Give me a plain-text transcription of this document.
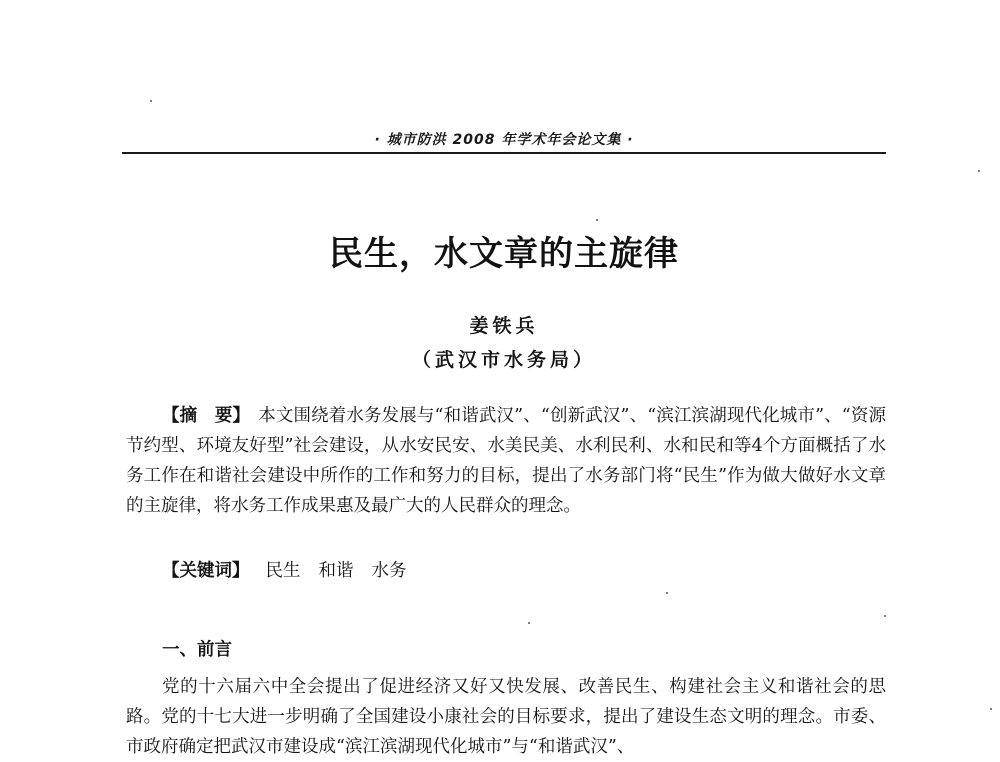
· 城市防洪 2008 年学术年会论文集 ·
民生，水文章的主旋律
姜铁兵
（武汉市水务局）

【摘　要】 本文围绕着水务发展与“和谐武汉”、“创新武汉”、“滨江滨湖现代化城市”、“资源节约型、环境友好型”社会建设，从水安民安、水美民美、水利民利、水和民和等4个方面概括了水务工作在和谐社会建设中所作的工作和努力的目标，提出了水务部门将“民生”作为做大做好水文章的主旋律，将水务工作成果惠及最广大的人民群众的理念。

【关键词】 民生 和谐 水务

一、前言

党的十六届六中全会提出了促进经济又好又快发展、改善民生、构建社会主义和谐社会的思路。党的十七大进一步明确了全国建设小康社会的目标要求，提出了建设生态文明的理念。市委、市政府确定把武汉市建设成“滨江滨湖现代化城市”与“和谐武汉”、
